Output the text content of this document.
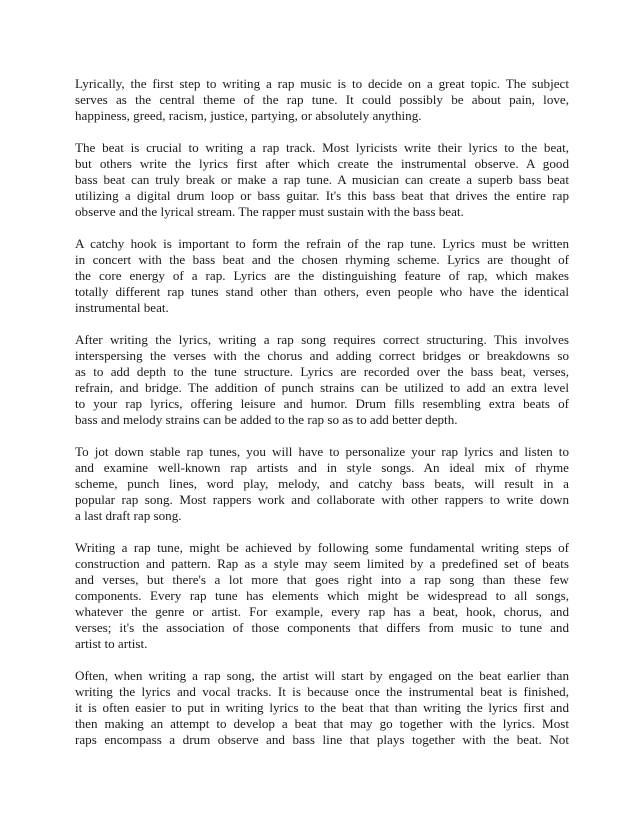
Lyrically, the first step to writing a rap music is to decide on a great topic. The subject
serves as the central theme of the rap tune. It could possibly be about pain, love,
happiness, greed, racism, justice, partying, or absolutely anything.
The beat is crucial to writing a rap track. Most lyricists write their lyrics to the beat,
but others write the lyrics first after which create the instrumental observe. A good
bass beat can truly break or make a rap tune. A musician can create a superb bass beat
utilizing a digital drum loop or bass guitar. It's this bass beat that drives the entire rap
observe and the lyrical stream. The rapper must sustain with the bass beat.
A catchy hook is important to form the refrain of the rap tune. Lyrics must be written
in concert with the bass beat and the chosen rhyming scheme. Lyrics are thought of
the core energy of a rap. Lyrics are the distinguishing feature of rap, which makes
totally different rap tunes stand other than others, even people who have the identical
instrumental beat.
After writing the lyrics, writing a rap song requires correct structuring. This involves
interspersing the verses with the chorus and adding correct bridges or breakdowns so
as to add depth to the tune structure. Lyrics are recorded over the bass beat, verses,
refrain, and bridge. The addition of punch strains can be utilized to add an extra level
to your rap lyrics, offering leisure and humor. Drum fills resembling extra beats of
bass and melody strains can be added to the rap so as to add better depth.
To jot down stable rap tunes, you will have to personalize your rap lyrics and listen to
and examine well-known rap artists and in style songs. An ideal mix of rhyme
scheme, punch lines, word play, melody, and catchy bass beats, will result in a
popular rap song. Most rappers work and collaborate with other rappers to write down
a last draft rap song.
Writing a rap tune, might be achieved by following some fundamental writing steps of
construction and pattern. Rap as a style may seem limited by a predefined set of beats
and verses, but there's a lot more that goes right into a rap song than these few
components. Every rap tune has elements which might be widespread to all songs,
whatever the genre or artist. For example, every rap has a beat, hook, chorus, and
verses; it's the association of those components that differs from music to tune and
artist to artist.
Often, when writing a rap song, the artist will start by engaged on the beat earlier than
writing the lyrics and vocal tracks. It is because once the instrumental beat is finished,
it is often easier to put in writing lyrics to the beat that than writing the lyrics first and
then making an attempt to develop a beat that may go together with the lyrics. Most
raps encompass a drum observe and bass line that plays together with the beat. Not
